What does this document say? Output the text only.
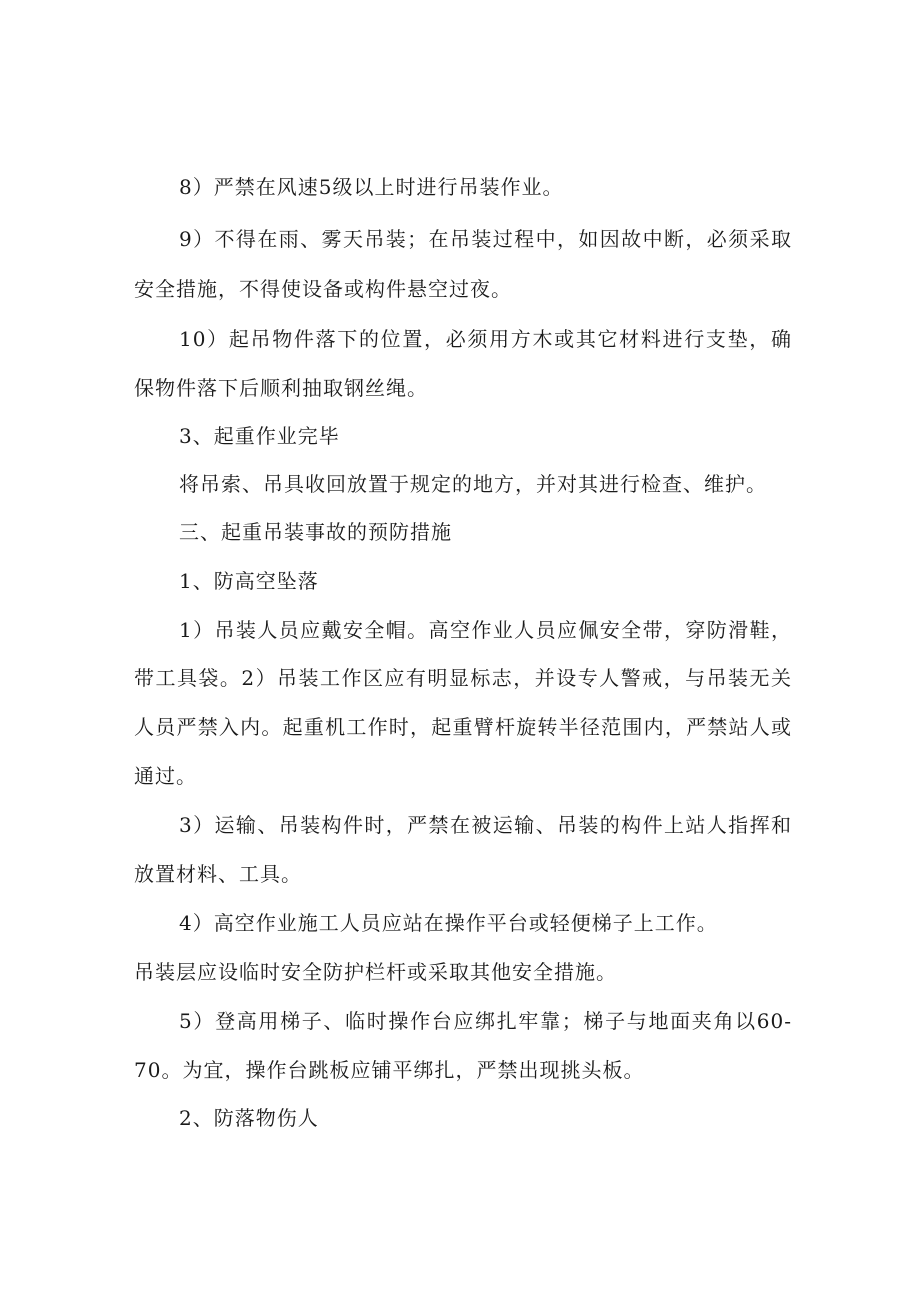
8）严禁在风速5级以上时进行吊装作业。
9）不得在雨、雾天吊装；在吊装过程中，如因故中断，必须采取
安全措施，不得使设备或构件悬空过夜。
10）起吊物件落下的位置，必须用方木或其它材料进行支垫，确
保物件落下后顺利抽取钢丝绳。
3、起重作业完毕
将吊索、吊具收回放置于规定的地方，并对其进行检查、维护。
三、起重吊装事故的预防措施
1、防高空坠落
1）吊装人员应戴安全帽。高空作业人员应佩安全带，穿防滑鞋，
带工具袋。2）吊装工作区应有明显标志，并设专人警戒，与吊装无关
人员严禁入内。起重机工作时，起重臂杆旋转半径范围内，严禁站人或
通过。
3）运输、吊装构件时，严禁在被运输、吊装的构件上站人指挥和
放置材料、工具。
4）高空作业施工人员应站在操作平台或轻便梯子上工作。
吊装层应设临时安全防护栏杆或采取其他安全措施。
5）登高用梯子、临时操作台应绑扎牢靠；梯子与地面夹角以60-
70。为宜，操作台跳板应铺平绑扎，严禁出现挑头板。
2、防落物伤人
